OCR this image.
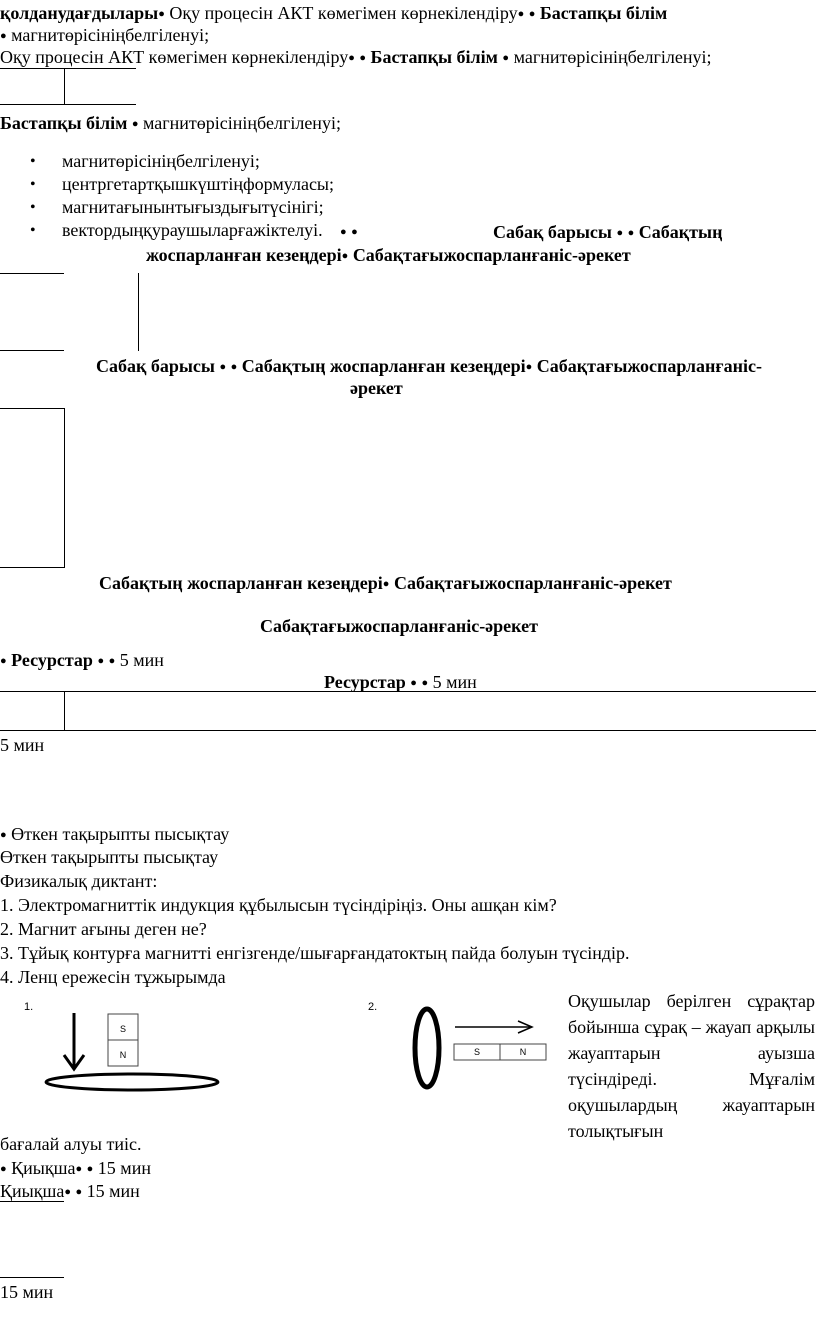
қолданудағдылары● Оқу процесін АКТ көмегімен көрнекілендіру● ● Бастапқы білім
● магнитөрісініңбелгіленуі;
Оқу процесін АКТ көмегімен көрнекілендіру● ● Бастапқы білім ● магнитөрісініңбелгіленуі;
Бастапқы білім ● магнитөрісініңбелгіленуі;
• магнитөрісініңбелгіленуі;
• центргетартқышкүштіңформуласы;
• магнитағынынтығыздығытүсінігі;
• вектордыңқураушыларғажіктелуі.	● ●	Сабақ барысы ● ● Сабақтың
жоспарланған кезеңдері● Сабақтағыжоспарланғаніс-әрекет
Сабақ барысы ● ● Сабақтың жоспарланған кезеңдері● Сабақтағыжоспарланғаніс-
әрекет
Сабақтың жоспарланған кезеңдері● Сабақтағыжоспарланғаніс-әрекет
Сабақтағыжоспарланғаніс-әрекет
● Ресурстар ● ● 5 мин
Ресурстар ● ● 5 мин
5 мин
● Өткен тақырыпты пысықтау
Өткен тақырыпты пысықтау
Физикалық диктант:
1. Электромагниттік индукция құбылысын түсіндіріңіз. Оны ашқан кім?
2. Магнит ағыны деген не?
3. Тұйық контурға магнитті енгізгенде/шығарғандатоктың пайда болуын түсіндір.
4. Ленц ережесін тұжырымда
1.
S
N
2.
S	N
Оқушылар берілген сұрақтар бойынша сұрақ – жауап арқылы жауаптарын ауызша түсіндіреді. Мұғалім оқушылардың жауаптарын толықтығын
бағалай алуы тиіс.
● Қиықша● ● 15 мин
Қиықша● ● 15 мин
15 мин
